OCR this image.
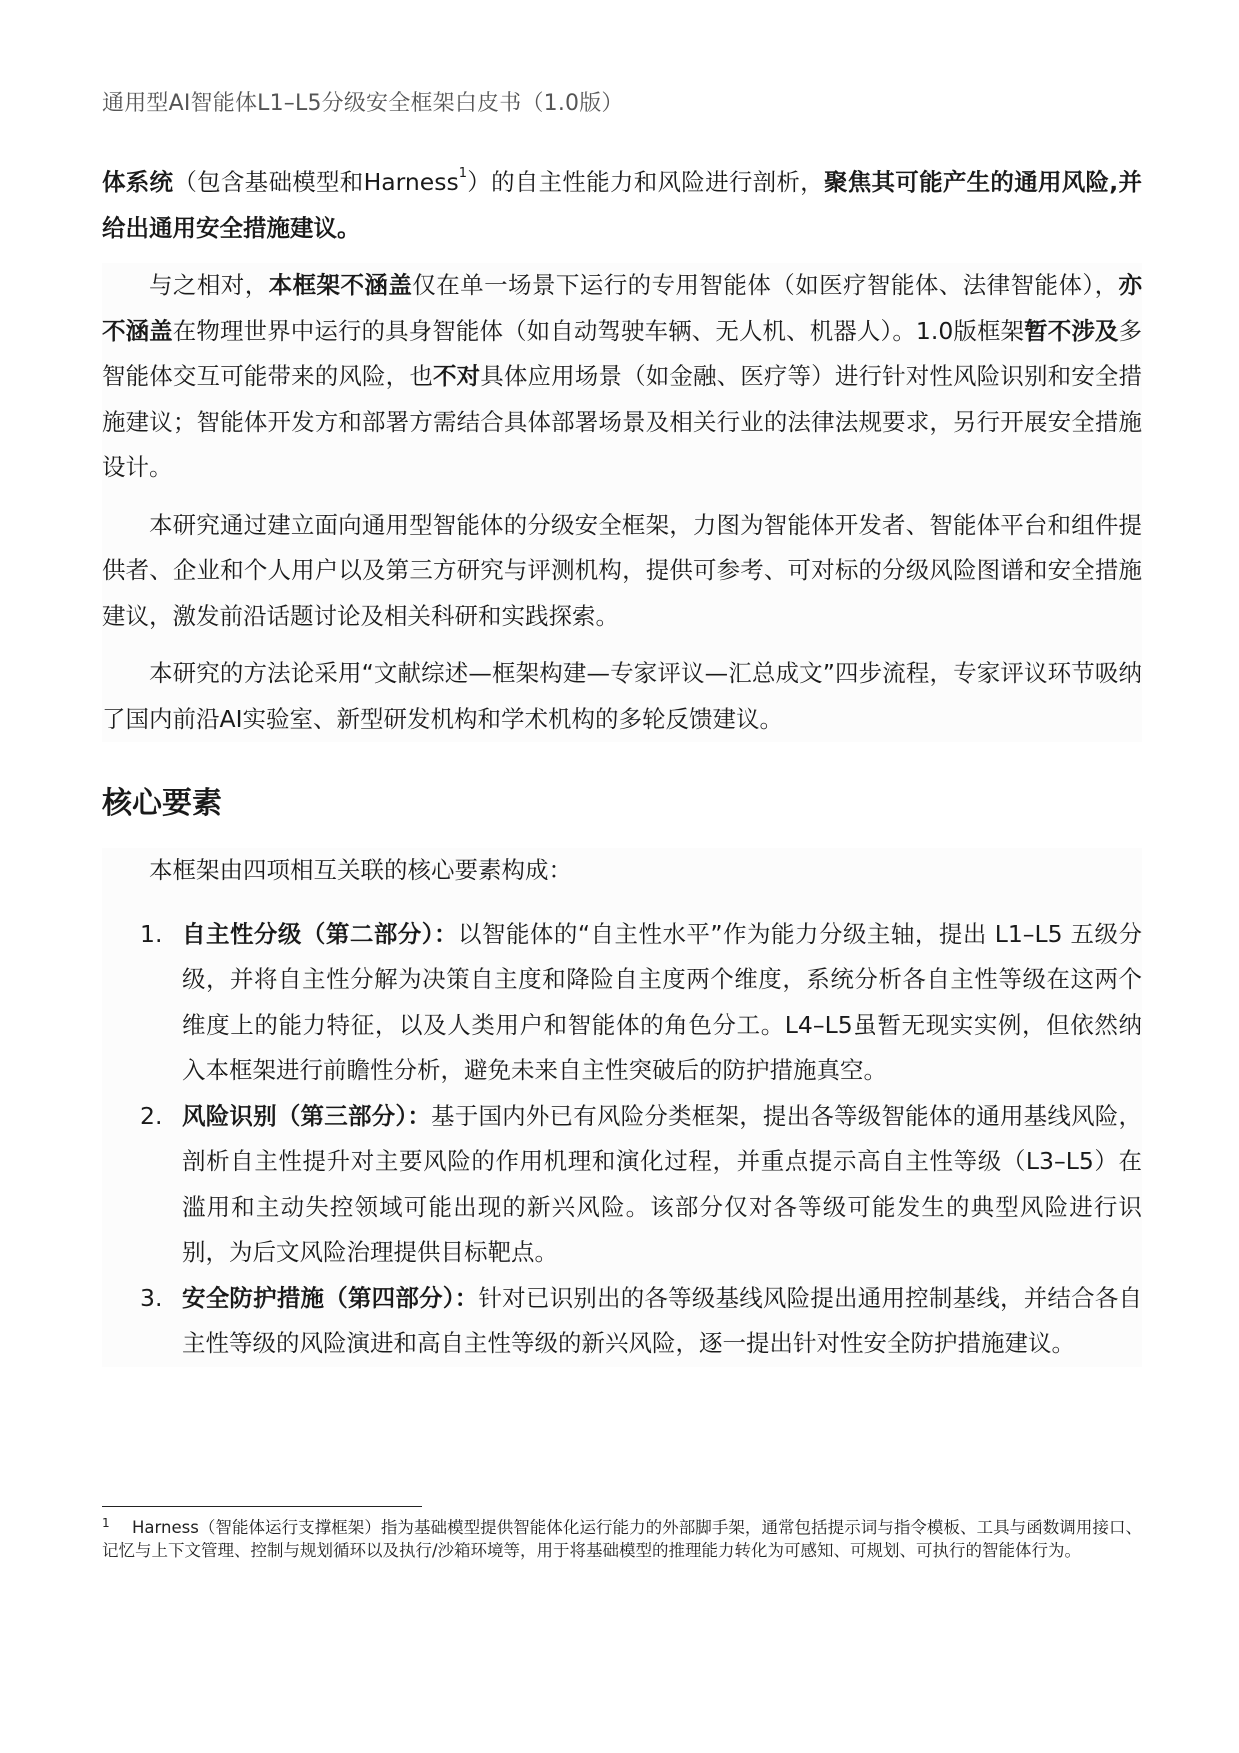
通用型AI智能体L1–L5分级安全框架白皮书（1.0版）

体系统（包含基础模型和Harness$^1$）的自主性能力和风险进行剖析，聚焦其可能产生的通用风险,并给出通用安全措施建议。

与之相对，本框架不涵盖仅在单一场景下运行的专用智能体（如医疗智能体、法律智能体），亦不涵盖在物理世界中运行的具身智能体（如自动驾驶车辆、无人机、机器人）。1.0版框架暂不涉及多智能体交互可能带来的风险，也不对具体应用场景（如金融、医疗等）进行针对性风险识别和安全措施建议；智能体开发方和部署方需结合具体部署场景及相关行业的法律法规要求，另行开展安全措施设计。

本研究通过建立面向通用型智能体的分级安全框架，力图为智能体开发者、智能体平台和组件提供者、企业和个人用户以及第三方研究与评测机构，提供可参考、可对标的分级风险图谱和安全措施建议，激发前沿话题讨论及相关科研和实践探索。

本研究的方法论采用“文献综述—框架构建—专家评议—汇总成文”四步流程，专家评议环节吸纳了国内前沿AI实验室、新型研发机构和学术机构的多轮反馈建议。

核心要素

本框架由四项相互关联的核心要素构成：

1. 自主性分级（第二部分）：以智能体的“自主性水平”作为能力分级主轴，提出 L1–L5 五级分级，并将自主性分解为决策自主度和降险自主度两个维度，系统分析各自主性等级在这两个维度上的能力特征，以及人类用户和智能体的角色分工。L4–L5虽暂无现实实例，但依然纳入本框架进行前瞻性分析，避免未来自主性突破后的防护措施真空。
2. 风险识别（第三部分）：基于国内外已有风险分类框架，提出各等级智能体的通用基线风险，剖析自主性提升对主要风险的作用机理和演化过程，并重点提示高自主性等级（L3–L5）在滥用和主动失控领域可能出现的新兴风险。该部分仅对各等级可能发生的典型风险进行识别，为后文风险治理提供目标靶点。
3. 安全防护措施（第四部分）：针对已识别出的各等级基线风险提出通用控制基线，并结合各自主性等级的风险演进和高自主性等级的新兴风险，逐一提出针对性安全防护措施建议。
1	Harness（智能体运行支撑框架）指为基础模型提供智能体化运行能力的外部脚手架，通常包括提示词与指令模板、工具与函数调用接口、记忆与上下文管理、控制与规划循环以及执行/沙箱环境等，用于将基础模型的推理能力转化为可感知、可规划、可执行的智能体行为。
